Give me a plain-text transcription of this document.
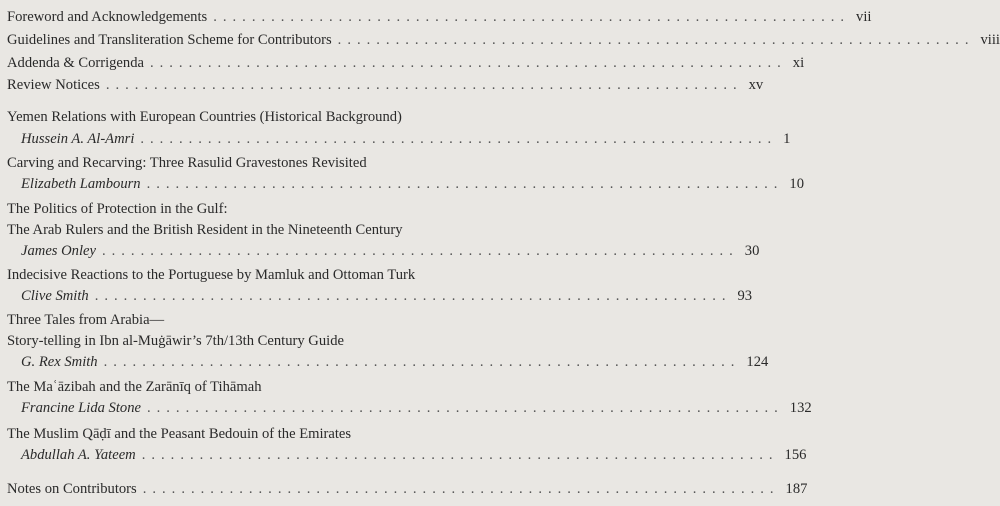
Foreword and Acknowledgements .................................................................. vii
Guidelines and Transliteration Scheme for Contributors .................................................................. viii
Addenda & Corrigenda .................................................................. xi
Review Notices .................................................................. xv
Yemen Relations with European Countries (Historical Background)
Hussein A. Al-Amri .................................................................. 1
Carving and Recarving: Three Rasulid Gravestones Revisited
Elizabeth Lambourn .................................................................. 10
The Politics of Protection in the Gulf:
The Arab Rulers and the British Resident in the Nineteenth Century
James Onley .................................................................. 30
Indecisive Reactions to the Portuguese by Mamluk and Ottoman Turk
Clive Smith .................................................................. 93
Three Tales from Arabia—
Story-telling in Ibn al-Muġāwir’s 7th/13th Century Guide
G. Rex Smith .................................................................. 124
The Maʿāzibah and the Zarānīq of Tihāmah
Francine Lida Stone .................................................................. 132
The Muslim Qāḍī and the Peasant Bedouin of the Emirates
Abdullah A. Yateem .................................................................. 156
Notes on Contributors .................................................................. 187
